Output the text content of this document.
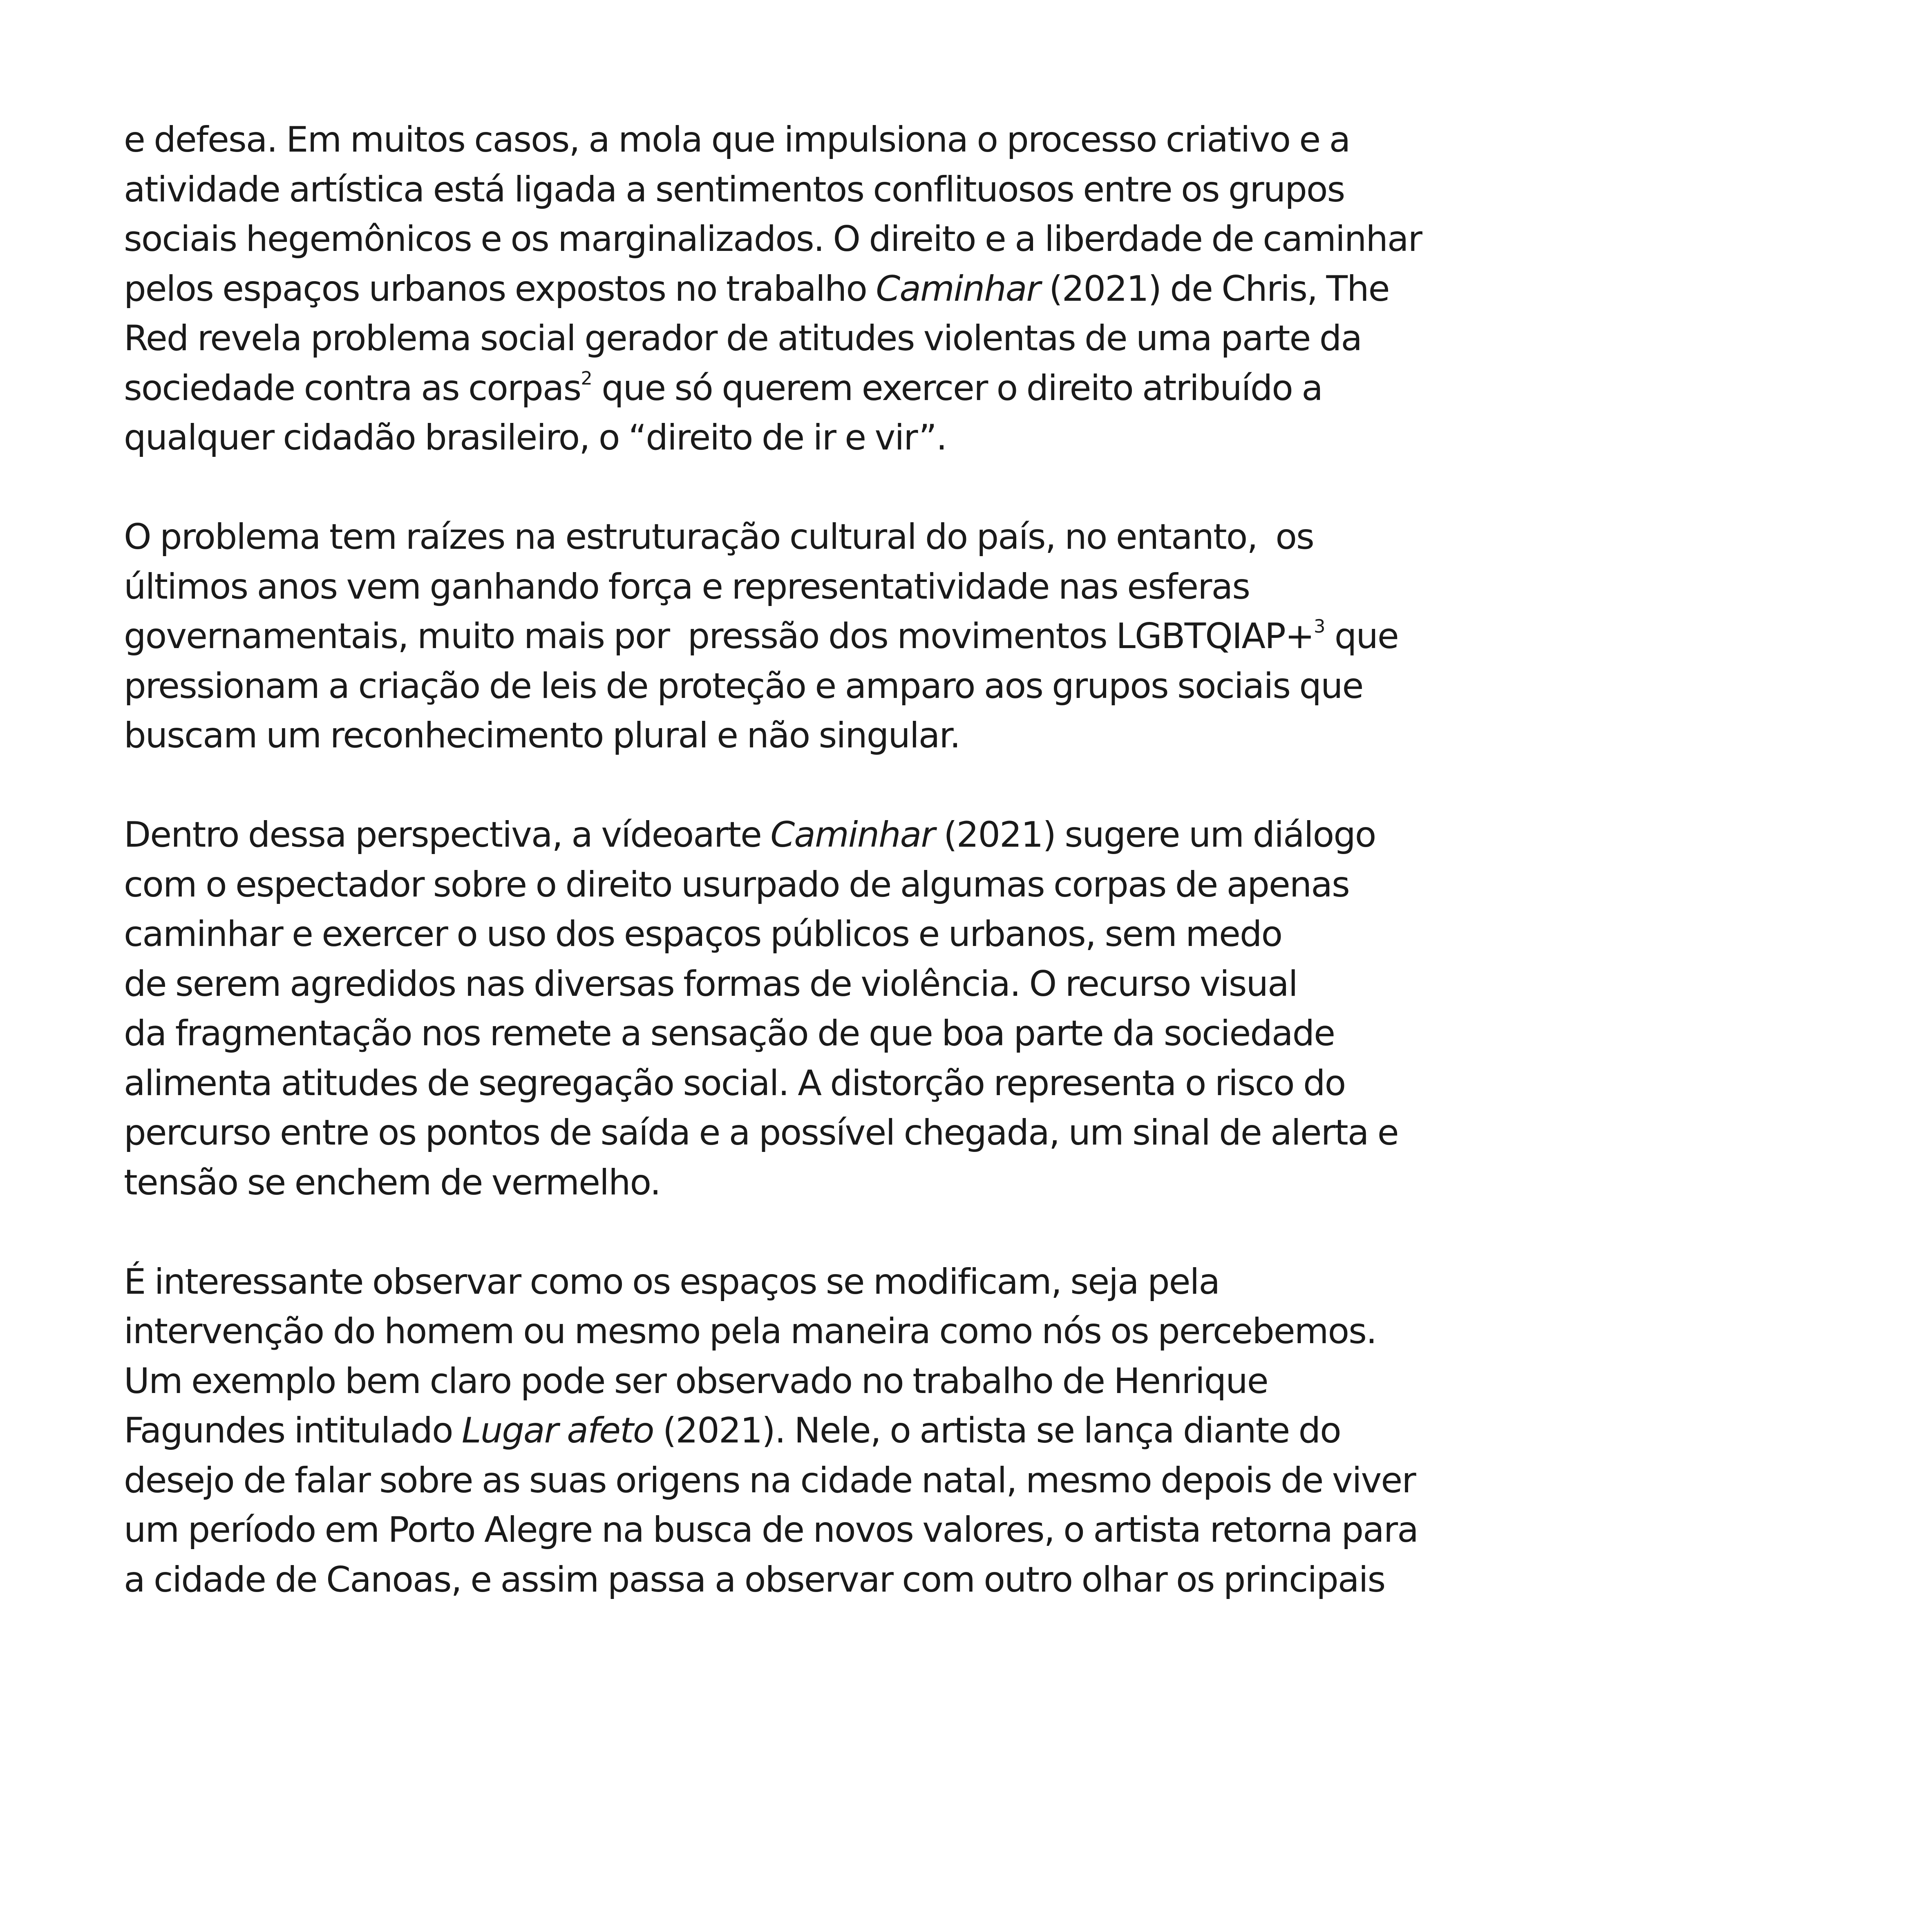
e defesa. Em muitos casos, a mola que impulsiona o processo criativo e a
atividade artística está ligada a sentimentos conflituosos entre os grupos
sociais hegemônicos e os marginalizados. O direito e a liberdade de caminhar
pelos espaços urbanos expostos no trabalho Caminhar (2021) de Chris, The
Red revela problema social gerador de atitudes violentas de uma parte da
sociedade contra as corpas$^2$ que só querem exercer o direito atribuído a
qualquer cidadão brasileiro, o “direito de ir e vir”.
O problema tem raízes na estruturação cultural do país, no entanto,  os
últimos anos vem ganhando força e representatividade nas esferas
governamentais, muito mais por  pressão dos movimentos LGBTQIAP+$^3$ que
pressionam a criação de leis de proteção e amparo aos grupos sociais que
buscam um reconhecimento plural e não singular.
Dentro dessa perspectiva, a vídeoarte Caminhar (2021) sugere um diálogo
com o espectador sobre o direito usurpado de algumas corpas de apenas
caminhar e exercer o uso dos espaços públicos e urbanos, sem medo
de serem agredidos nas diversas formas de violência. O recurso visual
da fragmentação nos remete a sensação de que boa parte da sociedade
alimenta atitudes de segregação social. A distorção representa o risco do
percurso entre os pontos de saída e a possível chegada, um sinal de alerta e
tensão se enchem de vermelho.
É interessante observar como os espaços se modificam, seja pela
intervenção do homem ou mesmo pela maneira como nós os percebemos.
Um exemplo bem claro pode ser observado no trabalho de Henrique
Fagundes intitulado Lugar afeto (2021). Nele, o artista se lança diante do
desejo de falar sobre as suas origens na cidade natal, mesmo depois de viver
um período em Porto Alegre na busca de novos valores, o artista retorna para
a cidade de Canoas, e assim passa a observar com outro olhar os principais
